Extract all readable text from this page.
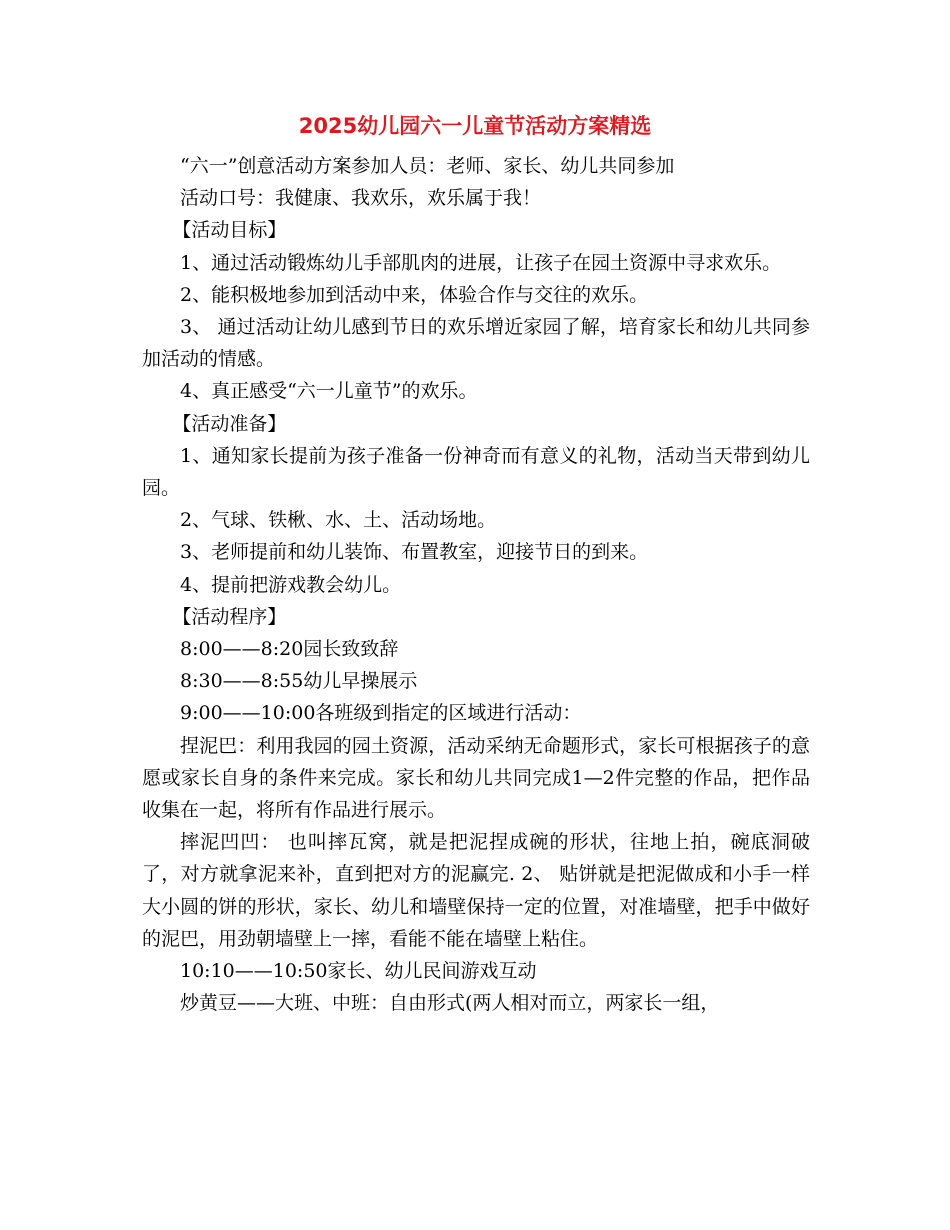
2025幼儿园六一儿童节活动方案精选

“六一”创意活动方案参加人员：老师、家长、幼儿共同参加

活动口号：我健康、我欢乐，欢乐属于我！

【活动目标】

1、通过活动锻炼幼儿手部肌肉的进展，让孩子在园土资源中寻求欢乐。

2、能积极地参加到活动中来，体验合作与交往的欢乐。

3、 通过活动让幼儿感到节日的欢乐增近家园了解，培育家长和幼儿共同参加活动的情感。

4、真正感受“六一儿童节”的欢乐。

【活动准备】

1、通知家长提前为孩子准备一份神奇而有意义的礼物，活动当天带到幼儿园。

2、气球、铁楸、水、土、活动场地。

3、老师提前和幼儿装饰、布置教室，迎接节日的到来。

4、提前把游戏教会幼儿。

【活动程序】

8:00——8:20园长致致辞

8:30——8:55幼儿早操展示

9:00——10:00各班级到指定的区域进行活动：

捏泥巴：利用我园的园土资源，活动采纳无命题形式，家长可根据孩子的意愿或家长自身的条件来完成。家长和幼儿共同完成1—2件完整的作品，把作品收集在一起，将所有作品进行展示。

摔泥凹凹： 也叫摔瓦窝，就是把泥捏成碗的形状，往地上拍，碗底洞破了，对方就拿泥来补，直到把对方的泥赢完. 2、 贴饼就是把泥做成和小手一样大小圆的饼的形状，家长、幼儿和墙壁保持一定的位置，对准墙壁，把手中做好的泥巴，用劲朝墙壁上一摔，看能不能在墙壁上粘住。

10:10——10:50家长、幼儿民间游戏互动

炒黄豆——大班、中班：自由形式(两人相对而立，两家长一组，
